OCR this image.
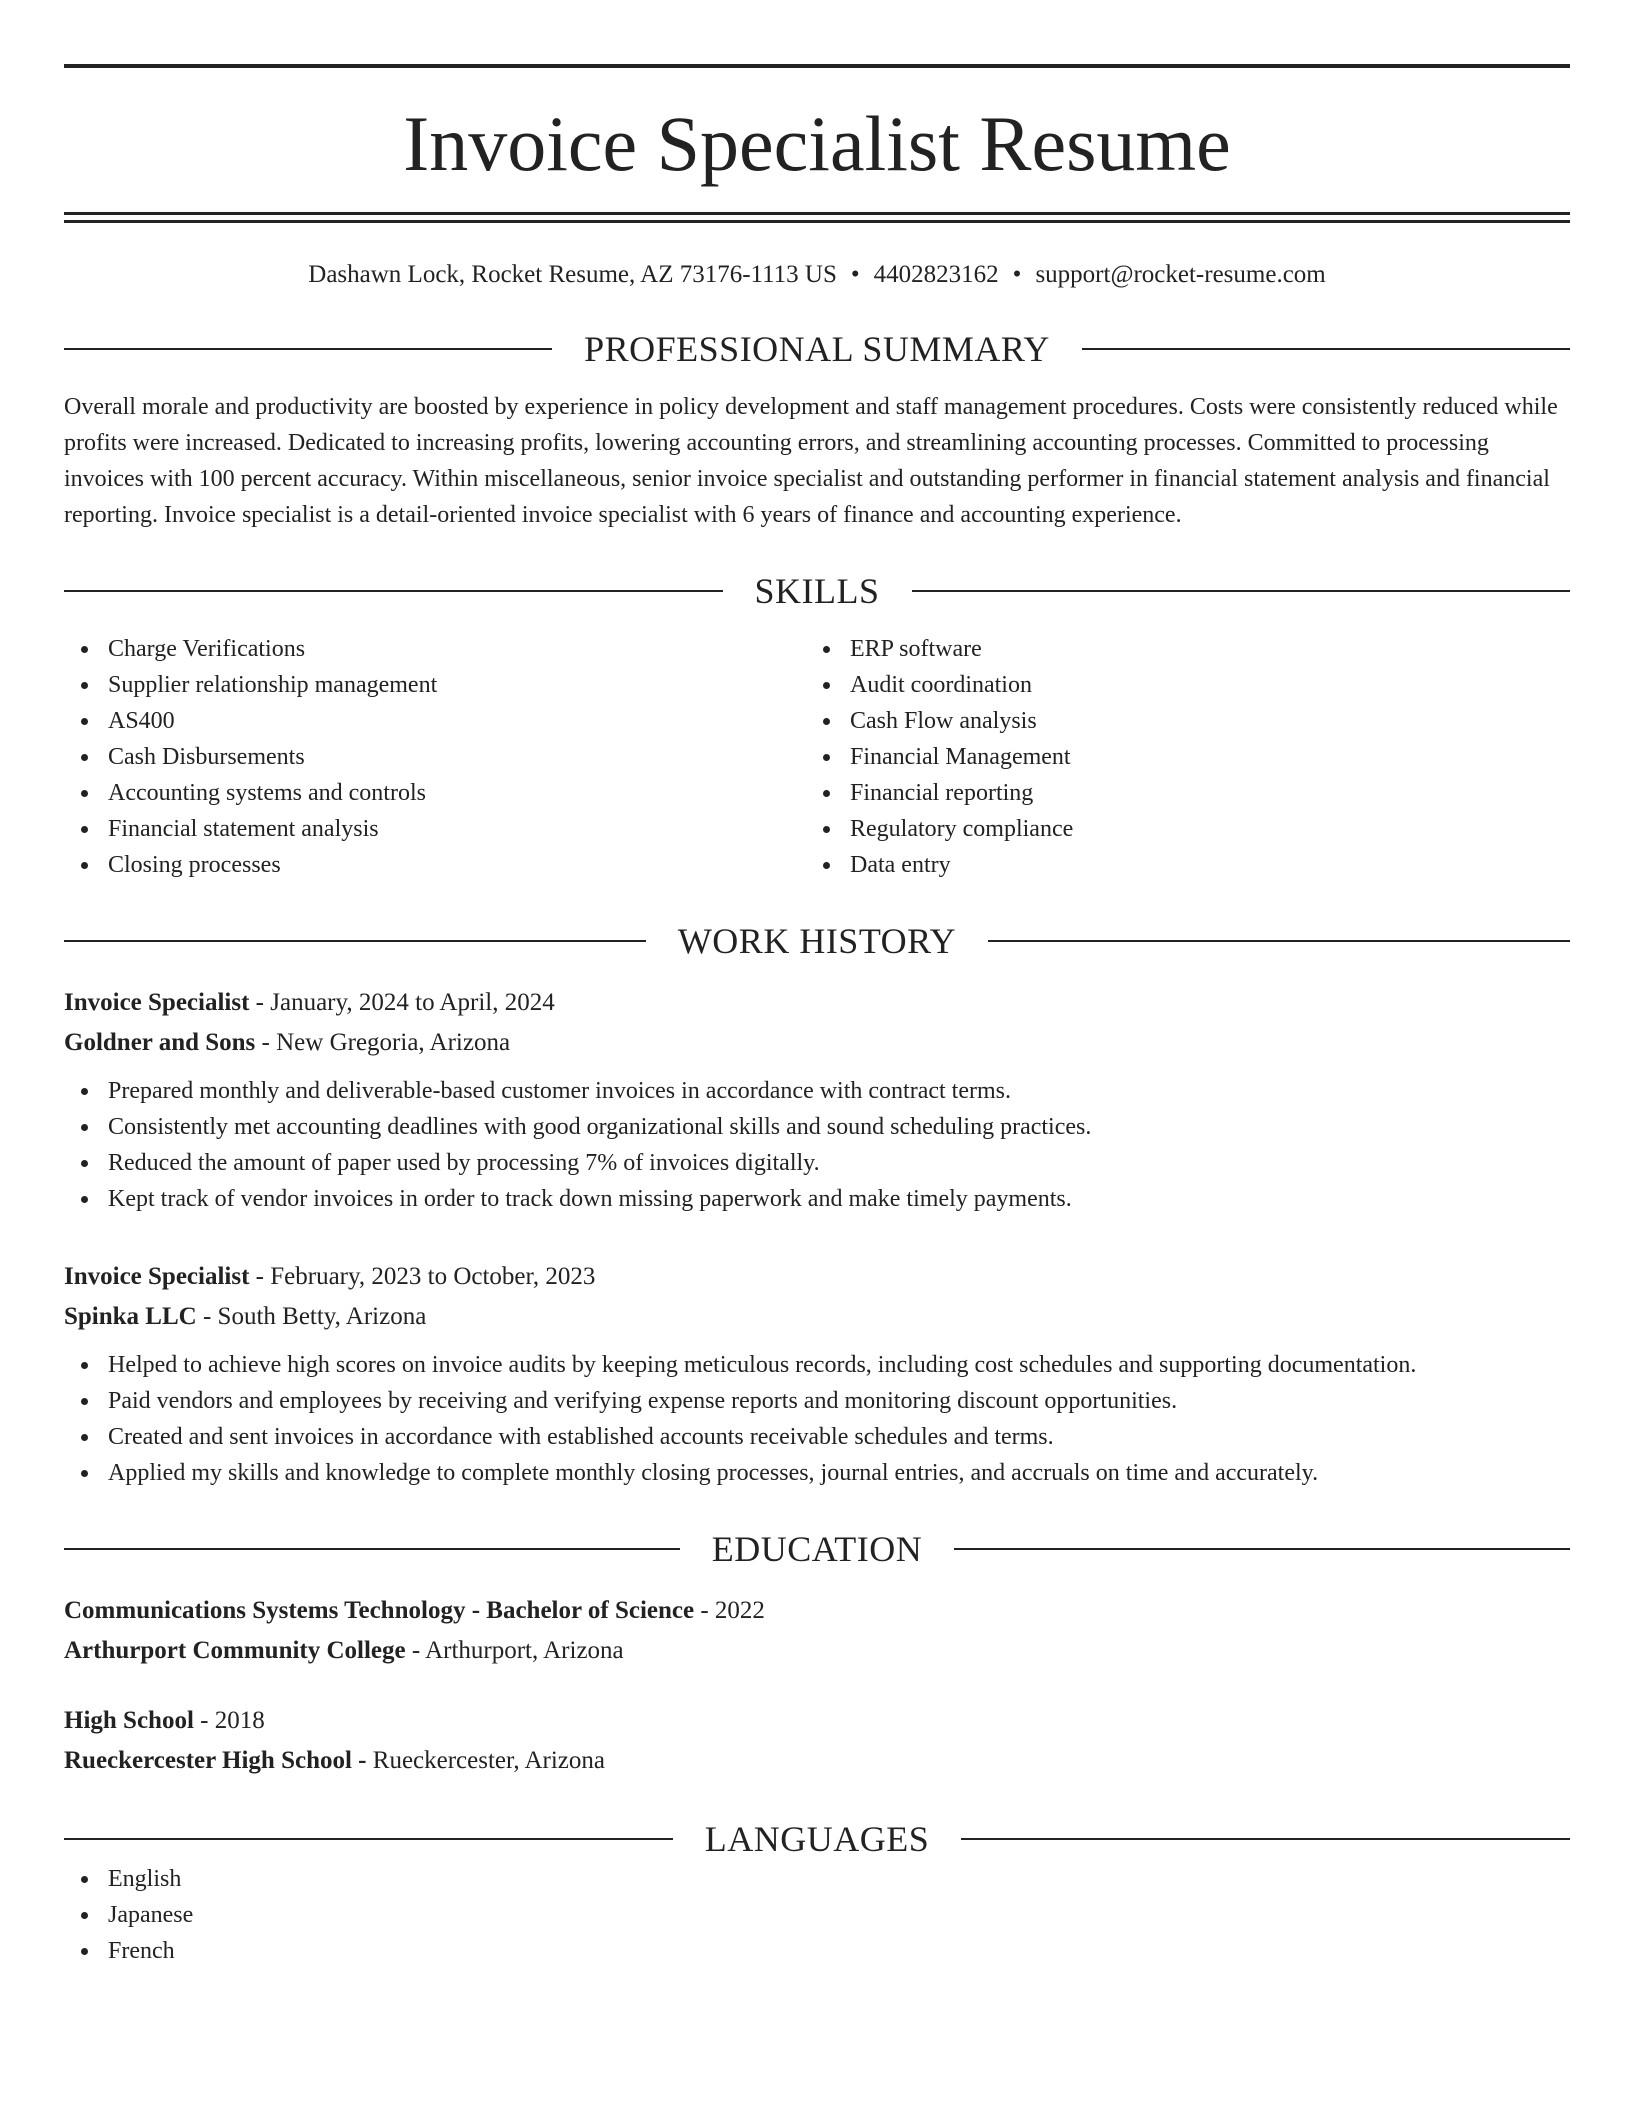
Invoice Specialist Resume
Dashawn Lock, Rocket Resume, AZ 73176-1113 US • 4402823162 • support@rocket-resume.com
PROFESSIONAL SUMMARY
Overall morale and productivity are boosted by experience in policy development and staff management procedures. Costs were consistently reduced while profits were increased. Dedicated to increasing profits, lowering accounting errors, and streamlining accounting processes. Committed to processing invoices with 100 percent accuracy. Within miscellaneous, senior invoice specialist and outstanding performer in financial statement analysis and financial reporting. Invoice specialist is a detail-oriented invoice specialist with 6 years of finance and accounting experience.
SKILLS
Charge Verifications
Supplier relationship management
AS400
Cash Disbursements
Accounting systems and controls
Financial statement analysis
Closing processes
ERP software
Audit coordination
Cash Flow analysis
Financial Management
Financial reporting
Regulatory compliance
Data entry
WORK HISTORY
Invoice Specialist - January, 2024 to April, 2024
Goldner and Sons - New Gregoria, Arizona
Prepared monthly and deliverable-based customer invoices in accordance with contract terms.
Consistently met accounting deadlines with good organizational skills and sound scheduling practices.
Reduced the amount of paper used by processing 7% of invoices digitally.
Kept track of vendor invoices in order to track down missing paperwork and make timely payments.
Invoice Specialist - February, 2023 to October, 2023
Spinka LLC - South Betty, Arizona
Helped to achieve high scores on invoice audits by keeping meticulous records, including cost schedules and supporting documentation.
Paid vendors and employees by receiving and verifying expense reports and monitoring discount opportunities.
Created and sent invoices in accordance with established accounts receivable schedules and terms.
Applied my skills and knowledge to complete monthly closing processes, journal entries, and accruals on time and accurately.
EDUCATION
Communications Systems Technology - Bachelor of Science - 2022
Arthurport Community College - Arthurport, Arizona
High School - 2018
Rueckercester High School - Rueckercester, Arizona
LANGUAGES
English
Japanese
French
